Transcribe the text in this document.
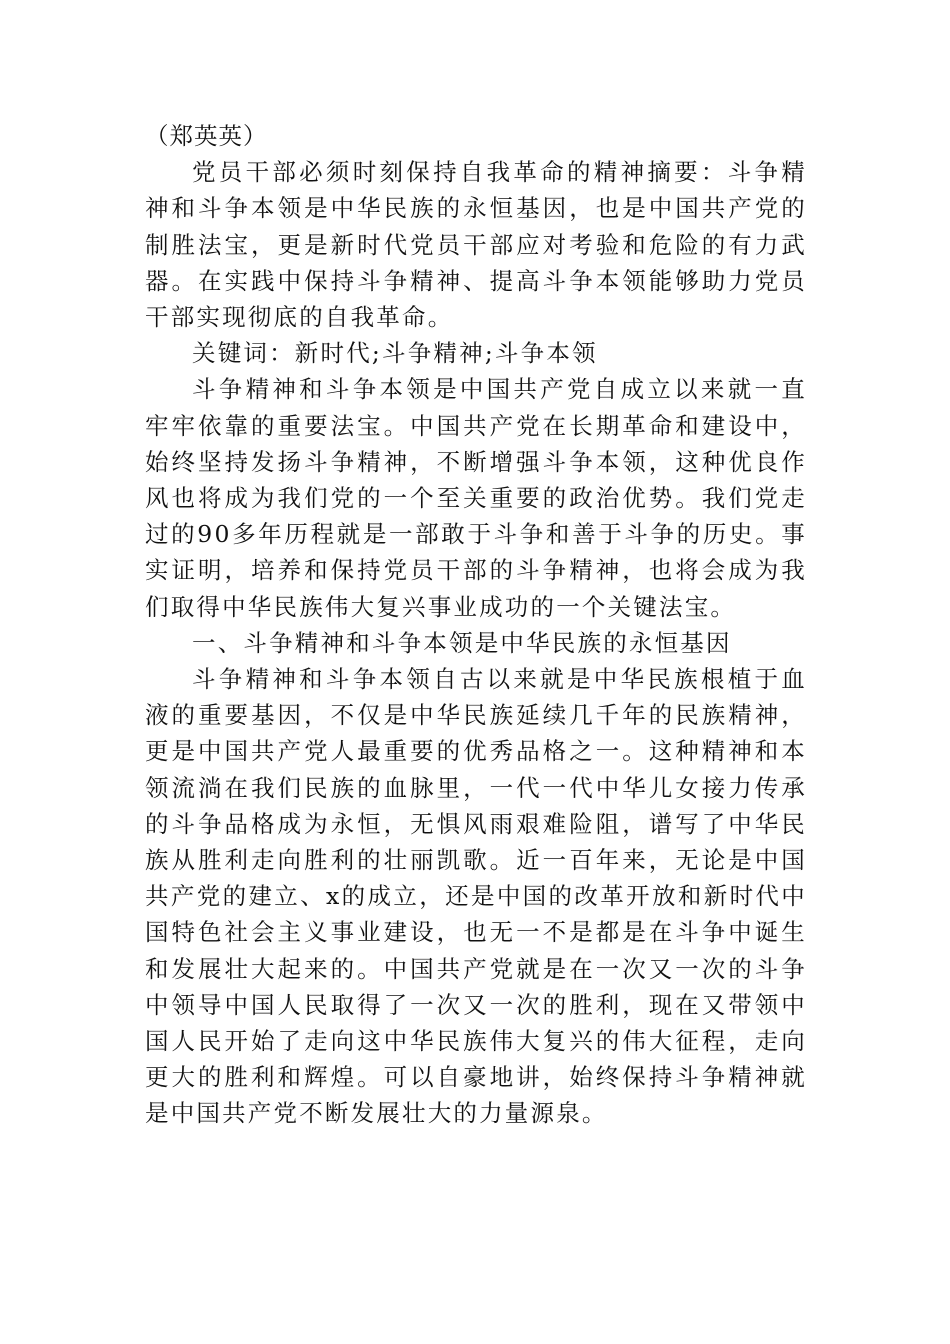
（郑英英）

党员干部必须时刻保持自我革命的精神摘要：斗争精神和斗争本领是中华民族的永恒基因，也是中国共产党的制胜法宝，更是新时代党员干部应对考验和危险的有力武器。在实践中保持斗争精神、提高斗争本领能够助力党员干部实现彻底的自我革命。

关键词：新时代;斗争精神;斗争本领

斗争精神和斗争本领是中国共产党自成立以来就一直牢牢依靠的重要法宝。中国共产党在长期革命和建设中，始终坚持发扬斗争精神，不断增强斗争本领，这种优良作风也将成为我们党的一个至关重要的政治优势。我们党走过的90多年历程就是一部敢于斗争和善于斗争的历史。事实证明，培养和保持党员干部的斗争精神，也将会成为我们取得中华民族伟大复兴事业成功的一个关键法宝。

一、斗争精神和斗争本领是中华民族的永恒基因

斗争精神和斗争本领自古以来就是中华民族根植于血液的重要基因，不仅是中华民族延续几千年的民族精神，更是中国共产党人最重要的优秀品格之一。这种精神和本领流淌在我们民族的血脉里，一代一代中华儿女接力传承的斗争品格成为永恒，无惧风雨艰难险阻，谱写了中华民族从胜利走向胜利的壮丽凯歌。近一百年来，无论是中国共产党的建立、x的成立，还是中国的改革开放和新时代中国特色社会主义事业建设，也无一不是都是在斗争中诞生和发展壮大起来的。中国共产党就是在一次又一次的斗争中领导中国人民取得了一次又一次的胜利，现在又带领中国人民开始了走向这中华民族伟大复兴的伟大征程，走向更大的胜利和辉煌。可以自豪地讲，始终保持斗争精神就是中国共产党不断发展壮大的力量源泉。
